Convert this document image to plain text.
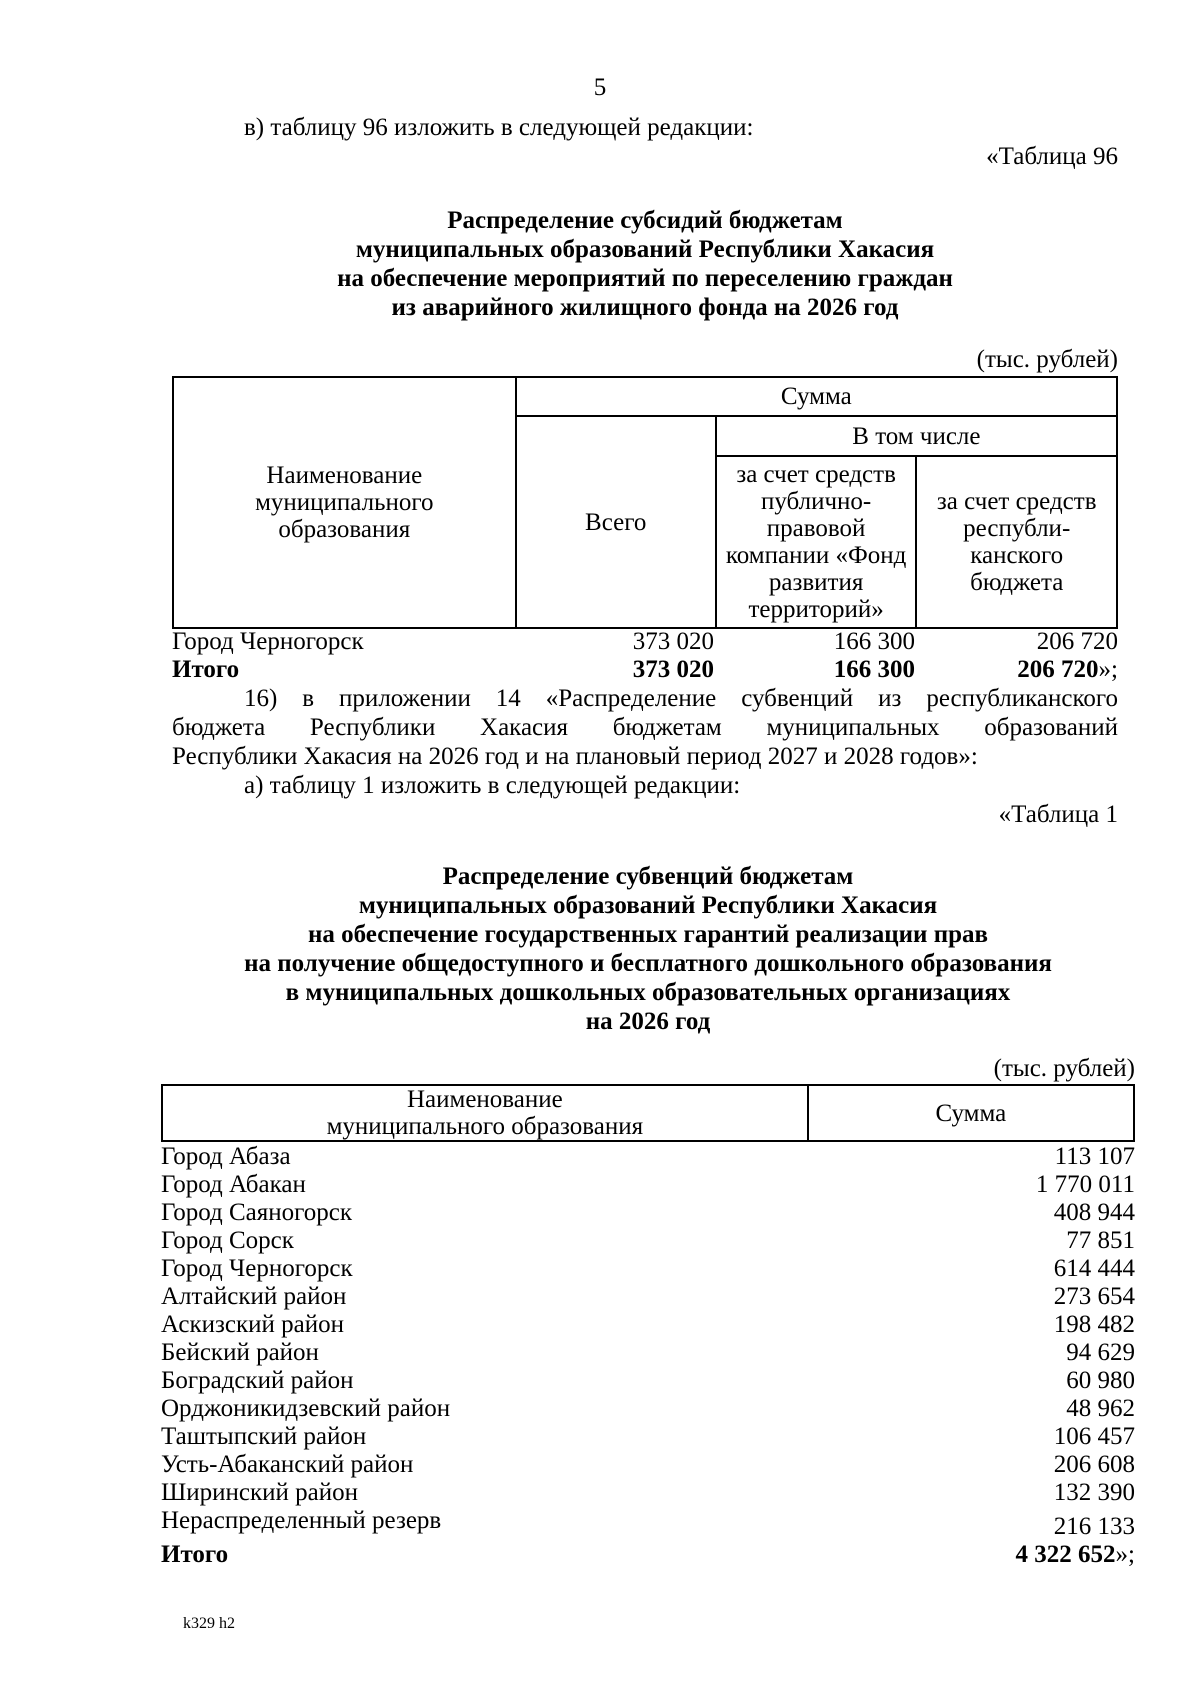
5
в) таблицу 96 изложить в следующей редакции:
«Таблица 96
Распределение субсидий бюджетам
муниципальных образований Республики Хакасия
на обеспечение мероприятий по переселению граждан
из аварийного жилищного фонда на 2026 год
(тыс. рублей)
Наименование муниципального образования	Сумма		
	Всего	В том числе	
		за счет средств публично-правовой компании «Фонд развития территорий»	за счет средств республи-канского бюджета
Город Черногорск	373 020	166 300	206 720
Итого	373 020	166 300	206 720»;
16) в приложении 14 «Распределение субвенций из республиканского
бюджета Республики Хакасия бюджетам муниципальных образований
Республики Хакасия на 2026 год и на плановый период 2027 и 2028 годов»:
а) таблицу 1 изложить в следующей редакции:
«Таблица 1
Распределение субвенций бюджетам
муниципальных образований Республики Хакасия
на обеспечение государственных гарантий реализации прав
на получение общедоступного и бесплатного дошкольного образования
в муниципальных дошкольных образовательных организациях
на 2026 год
(тыс. рублей)
Наименование
муниципального образования	Сумма
Город Абаза	113 107
Город Абакан	1 770 011
Город Саяногорск	408 944
Город Сорск	77 851
Город Черногорск	614 444
Алтайский район	273 654
Аскизский район	198 482
Бейский район	94 629
Боградский район	60 980
Орджоникидзевский район	48 962
Таштыпский район	106 457
Усть-Абаканский район	206 608
Ширинский район	132 390
Нераспределенный резерв	216 133
Итого	4 322 652»;
k329 h2
